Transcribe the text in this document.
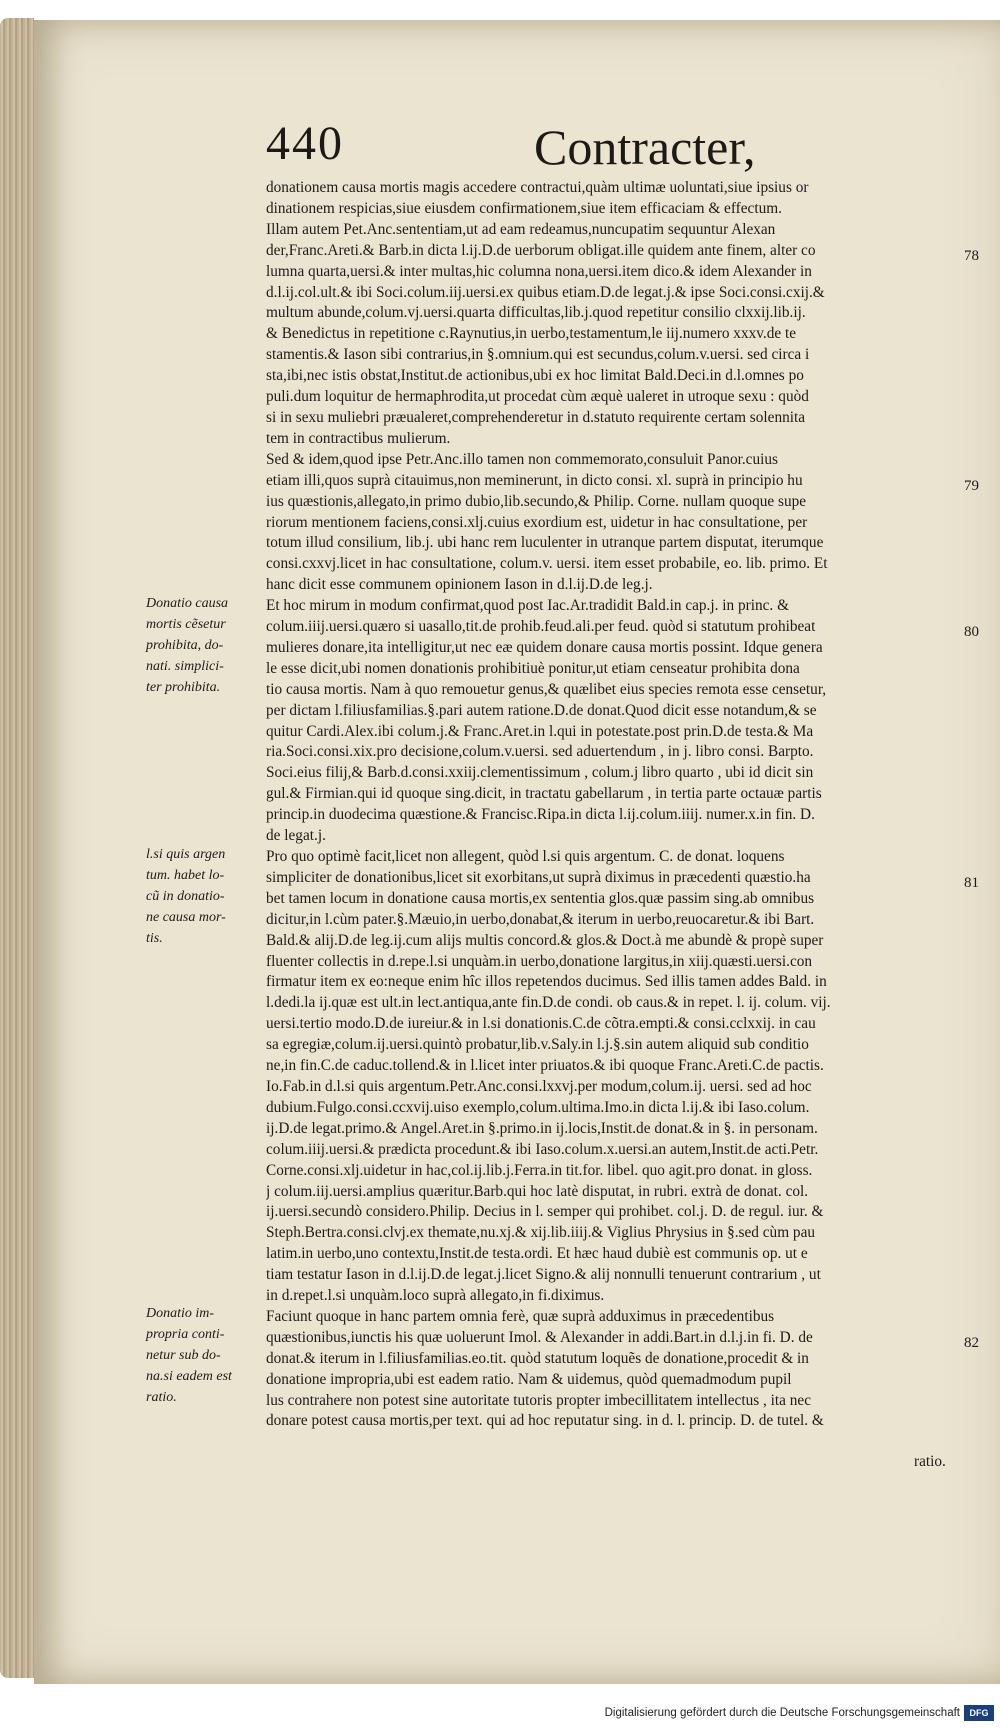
440	Contracter,
donationem causa mortis magis accedere contractui,quàm ultimæ uoluntati,siue ipsius or
dinationem respicias,siue eiusdem confirmationem,siue item efficaciam & effectum.
Illam autem Pet.Anc.sententiam,ut ad eam redeamus,nuncupatim sequuntur Alexan
der,Franc.Areti.& Barb.in dicta l.ij.D.de uerborum obligat.ille quidem ante finem, alter co
lumna quarta,uersi.& inter multas,hic columna nona,uersi.item dico.& idem Alexander in
d.l.ij.col.ult.& ibi Soci.colum.iij.uersi.ex quibus etiam.D.de legat.j.& ipse Soci.consi.cxij.&
multum abunde,colum.vj.uersi.quarta difficultas,lib.j.quod repetitur consilio clxxij.lib.ij.
& Benedictus in repetitione c.Raynutius,in uerbo,testamentum,le iij.numero xxxv.de te
stamentis.& Iason sibi contrarius,in §.omnium.qui est secundus,colum.v.uersi. sed circa i
sta,ibi,nec istis obstat,Institut.de actionibus,ubi ex hoc limitat Bald.Deci.in d.l.omnes po
puli.dum loquitur de hermaphrodita,ut procedat cùm æquè ualeret in utroque sexu : quòd
si in sexu muliebri præualeret,comprehenderetur in d.statuto requirente certam solennita
tem in contractibus mulierum.
Sed & idem,quod ipse Petr.Anc.illo tamen non commemorato,consuluit Panor.cuius
etiam illi,quos suprà citauimus,non meminerunt, in dicto consi. xl. suprà in principio hu
ius quæstionis,allegato,in primo dubio,lib.secundo,& Philip. Corne. nullam quoque supe
riorum mentionem faciens,consi.xlj.cuius exordium est, uidetur in hac consultatione, per
totum illud consilium, lib.j. ubi hanc rem luculenter in utranque partem disputat, iterumque
consi.cxxvj.licet in hac consultatione, colum.v. uersi. item esset probabile, eo. lib. primo. Et
hanc dicit esse communem opinionem Iason in d.l.ij.D.de leg.j.
Et hoc mirum in modum confirmat,quod post Iac.Ar.tradidit Bald.in cap.j. in princ. &
colum.iiij.uersi.quæro si uasallo,tit.de prohib.feud.ali.per feud. quòd si statutum prohibeat
mulieres donare,ita intelligitur,ut nec eæ quidem donare causa mortis possint. Idque genera
le esse dicit,ubi nomen donationis prohibitiuè ponitur,ut etiam censeatur prohibita dona
tio causa mortis. Nam à quo remouetur genus,& quælibet eius species remota esse censetur,
per dictam l.filiusfamilias.§.pari autem ratione.D.de donat.Quod dicit esse notandum,& se
quitur Cardi.Alex.ibi colum.j.& Franc.Aret.in l.qui in potestate.post prin.D.de testa.& Ma
ria.Soci.consi.xix.pro decisione,colum.v.uersi. sed aduertendum , in j. libro consi. Barpto.
Soci.eius filij,& Barb.d.consi.xxiij.clementissimum , colum.j libro quarto , ubi id dicit sin
gul.& Firmian.qui id quoque sing.dicit, in tractatu gabellarum , in tertia parte octauæ partis
princip.in duodecima quæstione.& Francisc.Ripa.in dicta l.ij.colum.iiij. numer.x.in fin. D.
de legat.j.
Pro quo optimè facit,licet non allegent, quòd l.si quis argentum. C. de donat. loquens
simpliciter de donationibus,licet sit exorbitans,ut suprà diximus in præcedenti quæstio.ha
bet tamen locum in donatione causa mortis,ex sententia glos.quæ passim sing.ab omnibus
dicitur,in l.cùm pater.§.Mæuio,in uerbo,donabat,& iterum in uerbo,reuocaretur.& ibi Bart.
Bald.& alij.D.de leg.ij.cum alijs multis concord.& glos.& Doct.à me abundè & propè super
fluenter collectis in d.repe.l.si unquàm.in uerbo,donatione largitus,in xiij.quæsti.uersi.con
firmatur item ex eo:neque enim hîc illos repetendos ducimus. Sed illis tamen addes Bald. in
l.dedi.la ij.quæ est ult.in lect.antiqua,ante fin.D.de condi. ob caus.& in repet. l. ij. colum. vij.
uersi.tertio modo.D.de iureiur.& in l.si donationis.C.de cõtra.empti.& consi.cclxxij. in cau
sa egregiæ,colum.ij.uersi.quintò probatur,lib.v.Saly.in l.j.§.sin autem aliquid sub conditio
ne,in fin.C.de caduc.tollend.& in l.licet inter priuatos.& ibi quoque Franc.Areti.C.de pactis.
Io.Fab.in d.l.si quis argentum.Petr.Anc.consi.lxxvj.per modum,colum.ij. uersi. sed ad hoc
dubium.Fulgo.consi.ccxvij.uiso exemplo,colum.ultima.Imo.in dicta l.ij.& ibi Iaso.colum.
ij.D.de legat.primo.& Angel.Aret.in §.primo.in ij.locis,Instit.de donat.& in §. in personam.
colum.iiij.uersi.& prædicta procedunt.& ibi Iaso.colum.x.uersi.an autem,Instit.de acti.Petr.
Corne.consi.xlj.uidetur in hac,col.ij.lib.j.Ferra.in tit.for. libel. quo agit.pro donat. in gloss.
j colum.iij.uersi.amplius quæritur.Barb.qui hoc latè disputat, in rubri. extrà de donat. col.
ij.uersi.secundò considero.Philip. Decius in l. semper qui prohibet. col.j. D. de regul. iur. &
Steph.Bertra.consi.clvj.ex themate,nu.xj.& xij.lib.iiij.& Viglius Phrysius in §.sed cùm pau
latim.in uerbo,uno contextu,Instit.de testa.ordi. Et hæc haud dubiè est communis op. ut e
tiam testatur Iason in d.l.ij.D.de legat.j.licet Signo.& alij nonnulli tenuerunt contrarium , ut
in d.repet.l.si unquàm.loco suprà allegato,in fi.diximus.
Faciunt quoque in hanc partem omnia ferè, quæ suprà adduximus in præcedentibus
quæstionibus,iunctis his quæ uoluerunt Imol. & Alexander in addi.Bart.in d.l.j.in fi. D. de
donat.& iterum in l.filiusfamilias.eo.tit. quòd statutum loquẽs de donatione,procedit & in
donatione impropria,ubi est eadem ratio. Nam & uidemus, quòd quemadmodum pupil
lus contrahere non potest sine autoritate tutoris propter imbecillitatem intellectus , ita nec
donare potest causa mortis,per text. qui ad hoc reputatur sing. in d. l. princip. D. de tutel. &
78
79
80
81
82
Donatio causa
mortis cẽsetur
prohibita, do-
nati. simplici-
ter prohibita.
l.si quis argen
tum. habet lo-
cũ in donatio-
ne causa mor-
tis.
Donatio im-
propria conti-
netur sub do-
na.si eadem est
ratio.
ratio.
Digitalisierung gefördert durch die Deutsche Forschungsgemeinschaft	DFG
